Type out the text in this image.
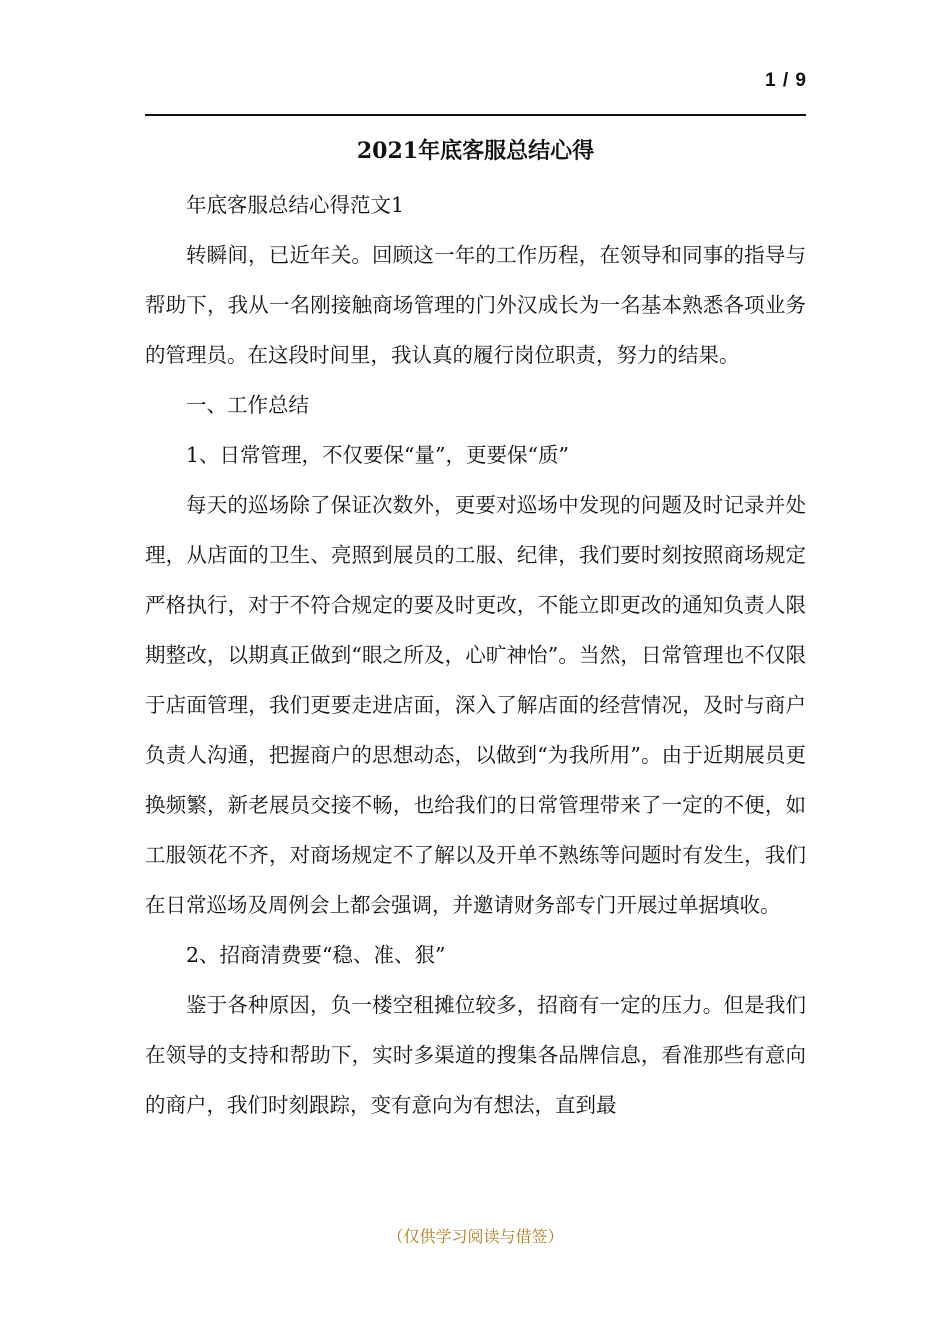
1 / 9
2021年底客服总结心得

年底客服总结心得范文1

转瞬间，已近年关。回顾这一年的工作历程，在领导和同事的指导与帮助下，我从一名刚接触商场管理的门外汉成长为一名基本熟悉各项业务的管理员。在这段时间里，我认真的履行岗位职责，努力的结果。

一、工作总结

1、日常管理，不仅要保“量”，更要保“质”

每天的巡场除了保证次数外，更要对巡场中发现的问题及时记录并处理，从店面的卫生、亮照到展员的工服、纪律，我们要时刻按照商场规定严格执行，对于不符合规定的要及时更改，不能立即更改的通知负责人限期整改，以期真正做到“眼之所及，心旷神怡”。当然，日常管理也不仅限于店面管理，我们更要走进店面，深入了解店面的经营情况，及时与商户负责人沟通，把握商户的思想动态，以做到“为我所用”。由于近期展员更换频繁，新老展员交接不畅，也给我们的日常管理带来了一定的不便，如工服领花不齐，对商场规定不了解以及开单不熟练等问题时有发生，我们在日常巡场及周例会上都会强调，并邀请财务部专门开展过单据填收。

2、招商清费要“稳、准、狠”

鉴于各种原因，负一楼空租摊位较多，招商有一定的压力。但是我们在领导的支持和帮助下，实时多渠道的搜集各品牌信息，看准那些有意向的商户，我们时刻跟踪，变有意向为有想法，直到最

（仅供学习阅读与借签）
